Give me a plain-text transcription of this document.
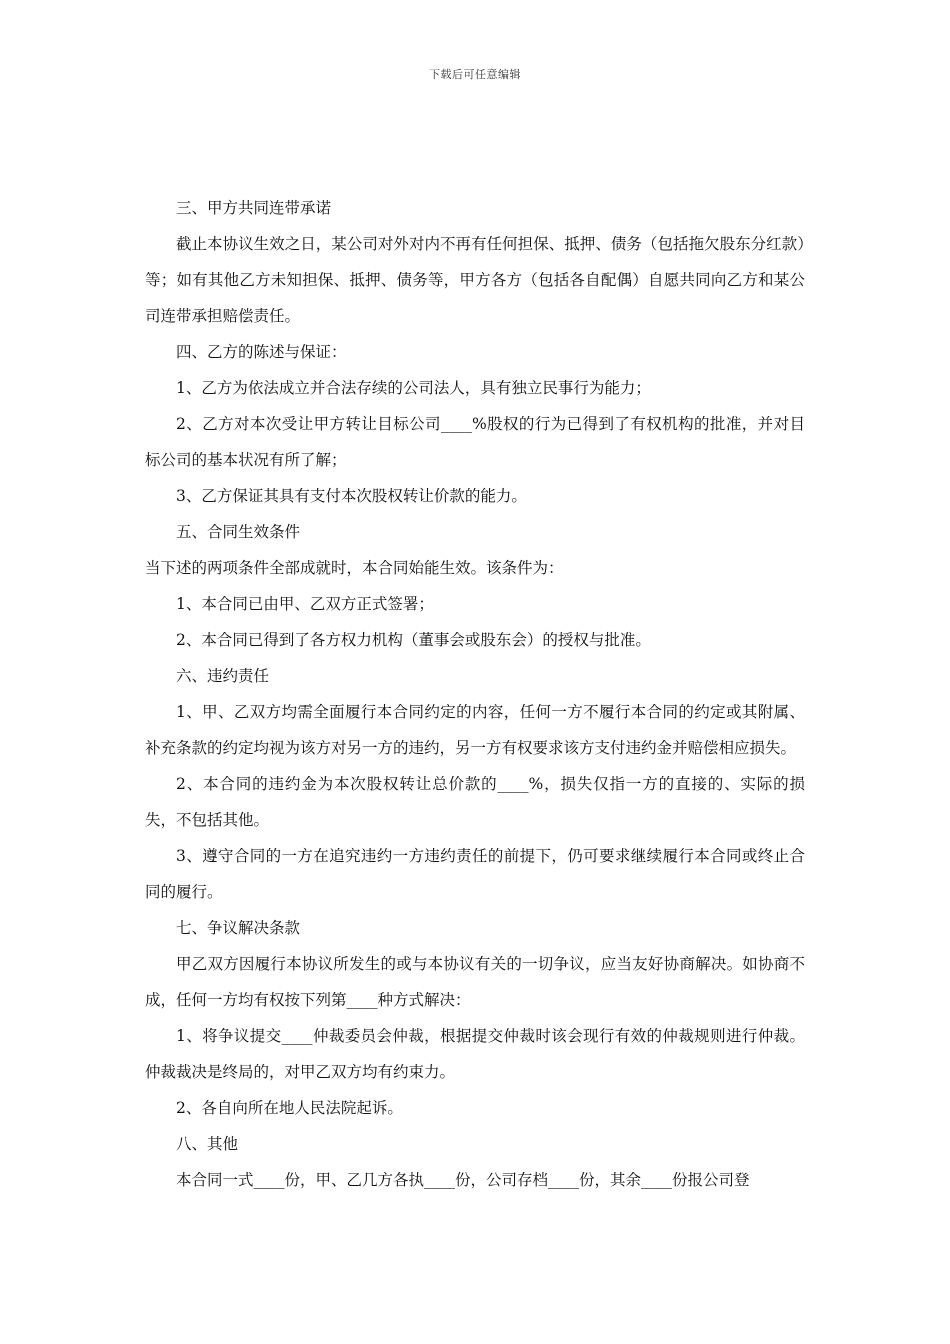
下载后可任意编辑

三、甲方共同连带承诺

截止本协议生效之日，某公司对外对内不再有任何担保、抵押、债务（包括拖欠股东分红款）等；如有其他乙方未知担保、抵押、债务等，甲方各方（包括各自配偶）自愿共同向乙方和某公司连带承担赔偿责任。

四、乙方的陈述与保证：

1、乙方为依法成立并合法存续的公司法人，具有独立民事行为能力；

2、乙方对本次受让甲方转让目标公司____%股权的行为已得到了有权机构的批准，并对目标公司的基本状况有所了解；

3、乙方保证其具有支付本次股权转让价款的能力。

五、合同生效条件

当下述的两项条件全部成就时，本合同始能生效。该条件为：

1、本合同已由甲、乙双方正式签署；

2、本合同已得到了各方权力机构（董事会或股东会）的授权与批准。

六、违约责任

1、甲、乙双方均需全面履行本合同约定的内容，任何一方不履行本合同的约定或其附属、补充条款的约定均视为该方对另一方的违约，另一方有权要求该方支付违约金并赔偿相应损失。

2、本合同的违约金为本次股权转让总价款的____%，损失仅指一方的直接的、实际的损失，不包括其他。

3、遵守合同的一方在追究违约一方违约责任的前提下，仍可要求继续履行本合同或终止合同的履行。

七、争议解决条款

甲乙双方因履行本协议所发生的或与本协议有关的一切争议，应当友好协商解决。如协商不成，任何一方均有权按下列第____种方式解决：

1、将争议提交____仲裁委员会仲裁，根据提交仲裁时该会现行有效的仲裁规则进行仲裁。仲裁裁决是终局的，对甲乙双方均有约束力。

2、各自向所在地人民法院起诉。

八、其他

本合同一式____份，甲、乙几方各执____份，公司存档____份，其余____份报公司登
